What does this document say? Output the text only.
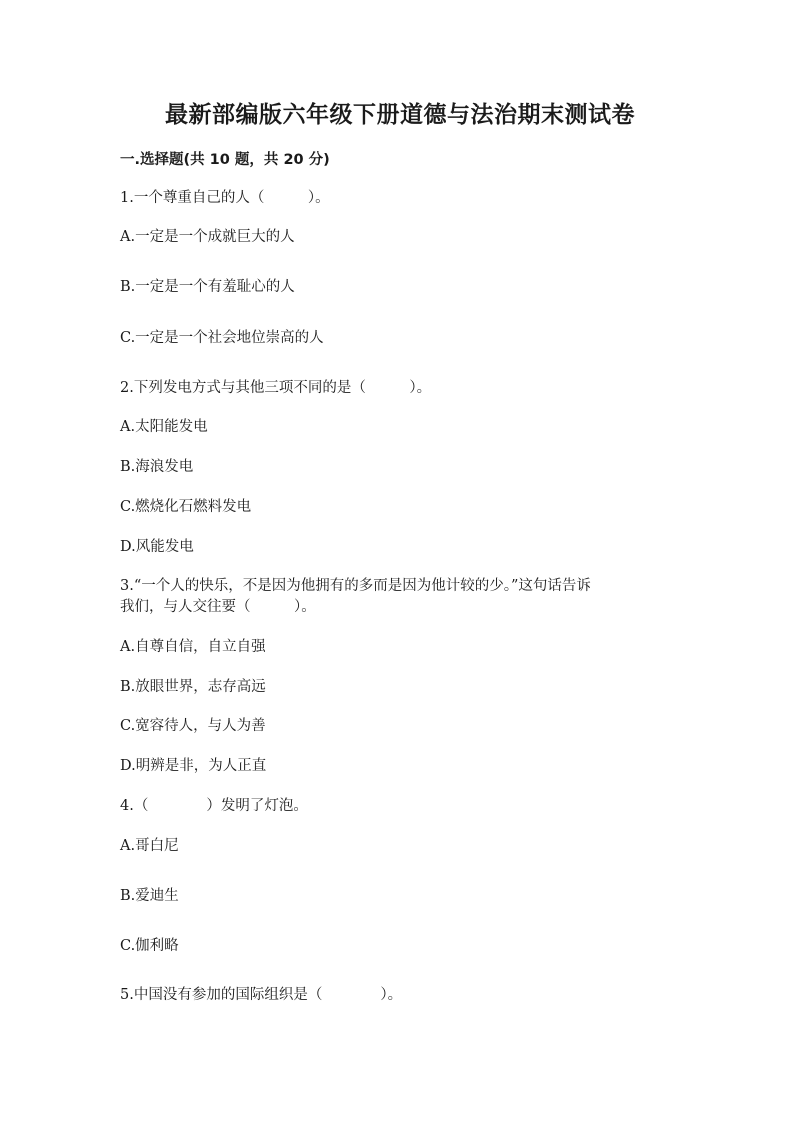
最新部编版六年级下册道德与法治期末测试卷

一.选择题(共 10 题，共 20 分)

1.一个尊重自己的人（　　　）。

A.一定是一个成就巨大的人

B.一定是一个有羞耻心的人

C.一定是一个社会地位崇高的人

2.下列发电方式与其他三项不同的是（　　　）。

A.太阳能发电

B.海浪发电

C.燃烧化石燃料发电

D.风能发电

3.“一个人的快乐，不是因为他拥有的多而是因为他计较的少。”这句话告诉

我们，与人交往要（　　　）。

A.自尊自信，自立自强

B.放眼世界，志存高远

C.宽容待人，与人为善

D.明辨是非，为人正直

4.（　　　　）发明了灯泡。

A.哥白尼

B.爱迪生

C.伽利略

5.中国没有参加的国际组织是（　　　　）。
